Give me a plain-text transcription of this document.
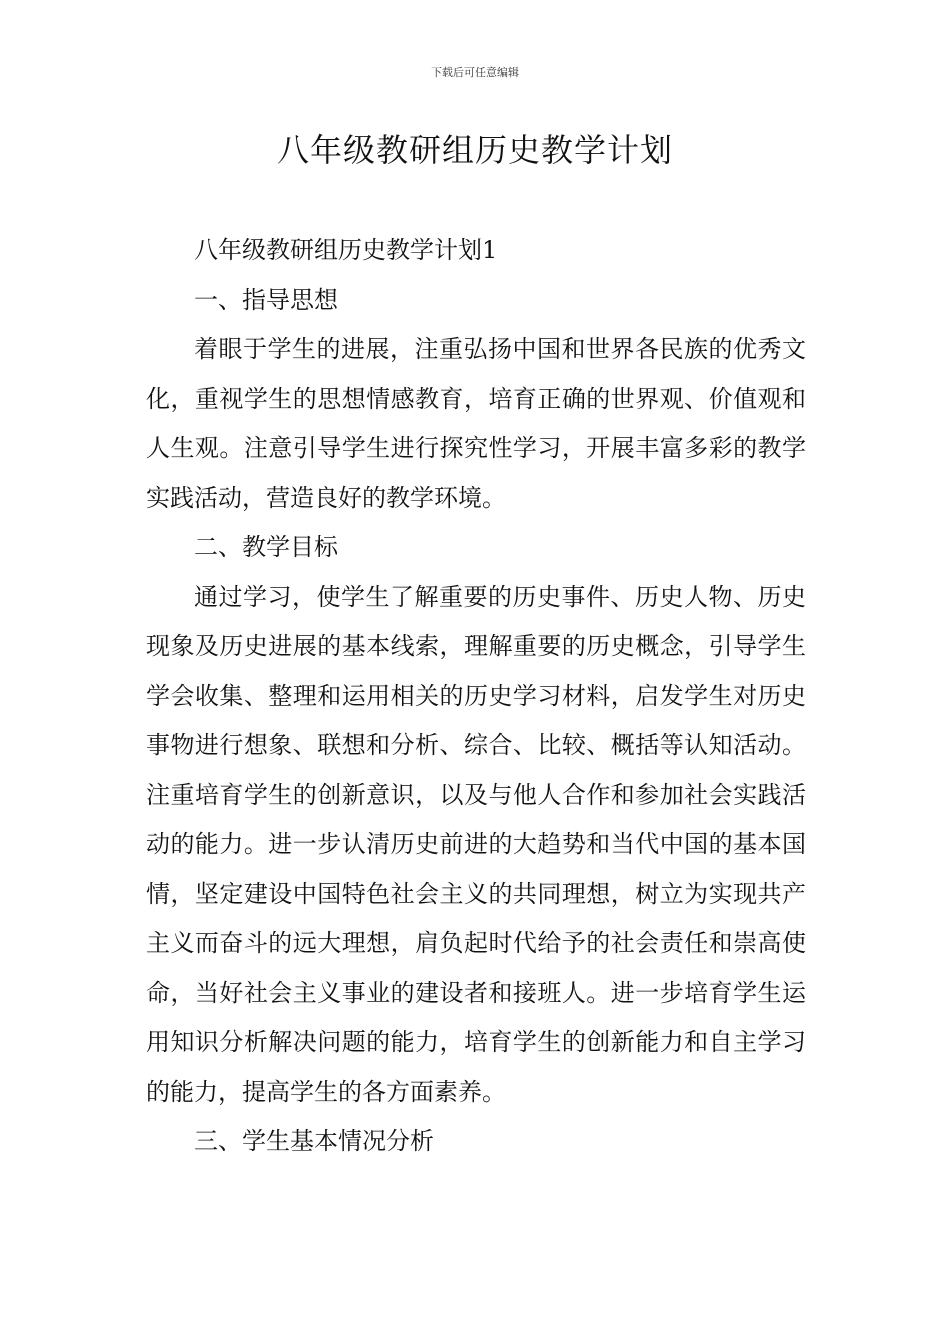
下载后可任意编辑
八年级教研组历史教学计划

八年级教研组历史教学计划1

一、指导思想

着眼于学生的进展，注重弘扬中国和世界各民族的优秀文化，重视学生的思想情感教育，培育正确的世界观、价值观和人生观。注意引导学生进行探究性学习，开展丰富多彩的教学实践活动，营造良好的教学环境。

二、教学目标

通过学习，使学生了解重要的历史事件、历史人物、历史现象及历史进展的基本线索，理解重要的历史概念，引导学生学会收集、整理和运用相关的历史学习材料，启发学生对历史事物进行想象、联想和分析、综合、比较、概括等认知活动。注重培育学生的创新意识，以及与他人合作和参加社会实践活动的能力。进一步认清历史前进的大趋势和当代中国的基本国情，坚定建设中国特色社会主义的共同理想，树立为实现共产主义而奋斗的远大理想，肩负起时代给予的社会责任和崇高使命，当好社会主义事业的建设者和接班人。进一步培育学生运用知识分析解决问题的能力，培育学生的创新能力和自主学习的能力，提高学生的各方面素养。

三、学生基本情况分析
